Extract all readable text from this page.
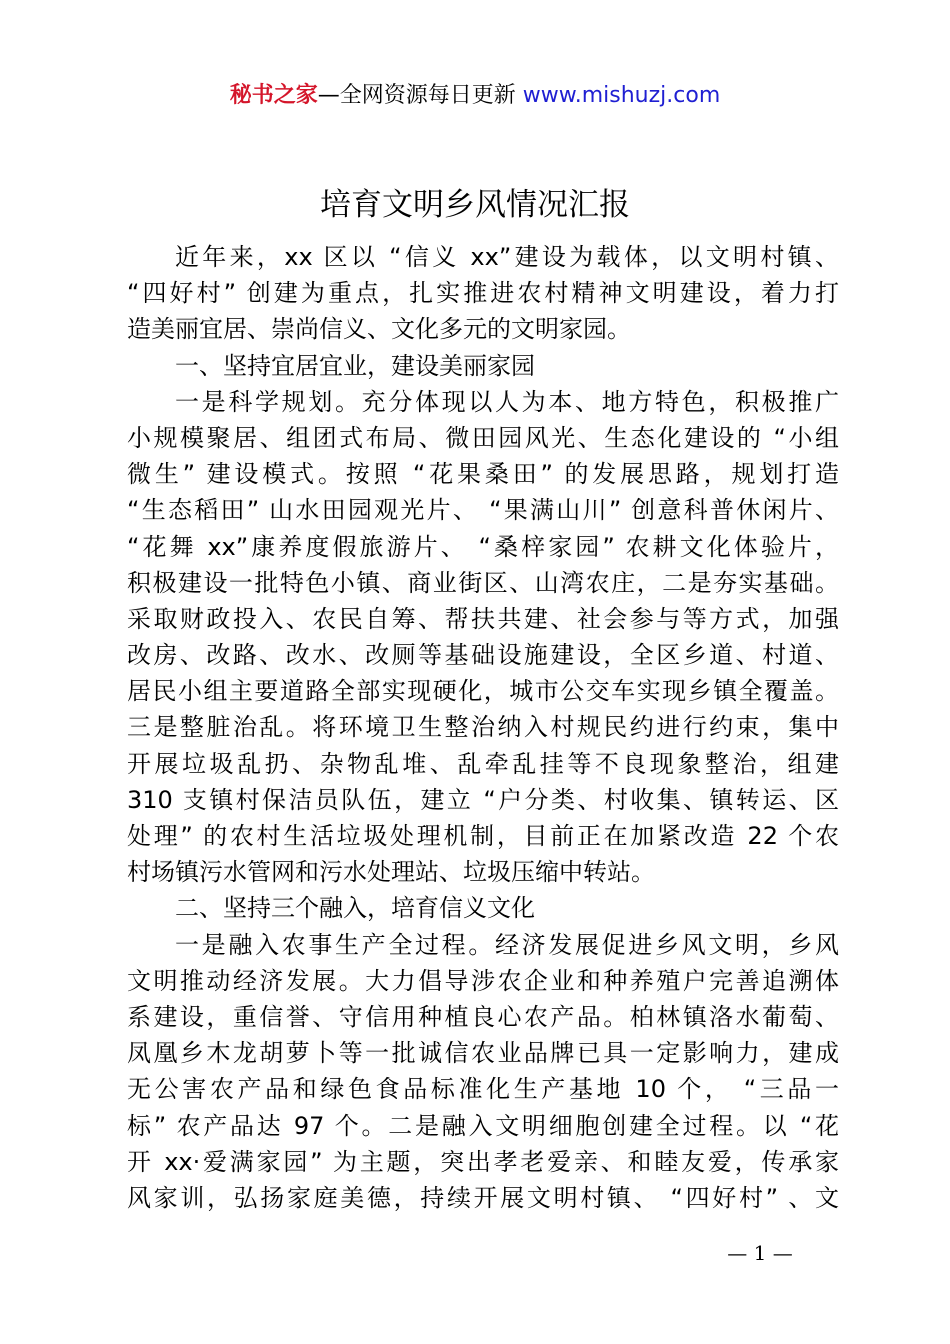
秘书之家—全网资源每日更新 www.mishuzj.com
培育文明乡风情况汇报
近年来，xx 区以 “信义 xx”建设为载体，以文明村镇、
“四好村” 创建为重点，扎实推进农村精神文明建设，着力打
造美丽宜居、崇尚信义、文化多元的文明家园。
一、坚持宜居宜业，建设美丽家园
一是科学规划。充分体现以人为本、地方特色，积极推广
小规模聚居、组团式布局、微田园风光、生态化建设的 “小组
微生” 建设模式。按照 “花果桑田” 的发展思路，规划打造
“生态稻田” 山水田园观光片、 “果满山川” 创意科普休闲片、
“花舞 xx”康养度假旅游片、 “桑梓家园” 农耕文化体验片，
积极建设一批特色小镇、商业街区、山湾农庄，二是夯实基础。
采取财政投入、农民自筹、帮扶共建、社会参与等方式，加强
改房、改路、改水、改厕等基础设施建设，全区乡道、村道、
居民小组主要道路全部实现硬化，城市公交车实现乡镇全覆盖。
三是整脏治乱。将环境卫生整治纳入村规民约进行约束，集中
开展垃圾乱扔、杂物乱堆、乱牵乱挂等不良现象整治，组建
310 支镇村保洁员队伍，建立 “户分类、村收集、镇转运、区
处理” 的农村生活垃圾处理机制，目前正在加紧改造 22 个农
村场镇污水管网和污水处理站、垃圾压缩中转站。
二、坚持三个融入，培育信义文化
一是融入农事生产全过程。经济发展促进乡风文明，乡风
文明推动经济发展。大力倡导涉农企业和种养殖户完善追溯体
系建设，重信誉、守信用种植良心农产品。柏林镇洛水葡萄、
凤凰乡木龙胡萝卜等一批诚信农业品牌已具一定影响力，建成
无公害农产品和绿色食品标准化生产基地 10 个， “三品一
标” 农产品达 97 个。二是融入文明细胞创建全过程。以 “花
开 xx·爱满家园” 为主题，突出孝老爱亲、和睦友爱，传承家
风家训，弘扬家庭美德，持续开展文明村镇、 “四好村” 、文
— 1 —
